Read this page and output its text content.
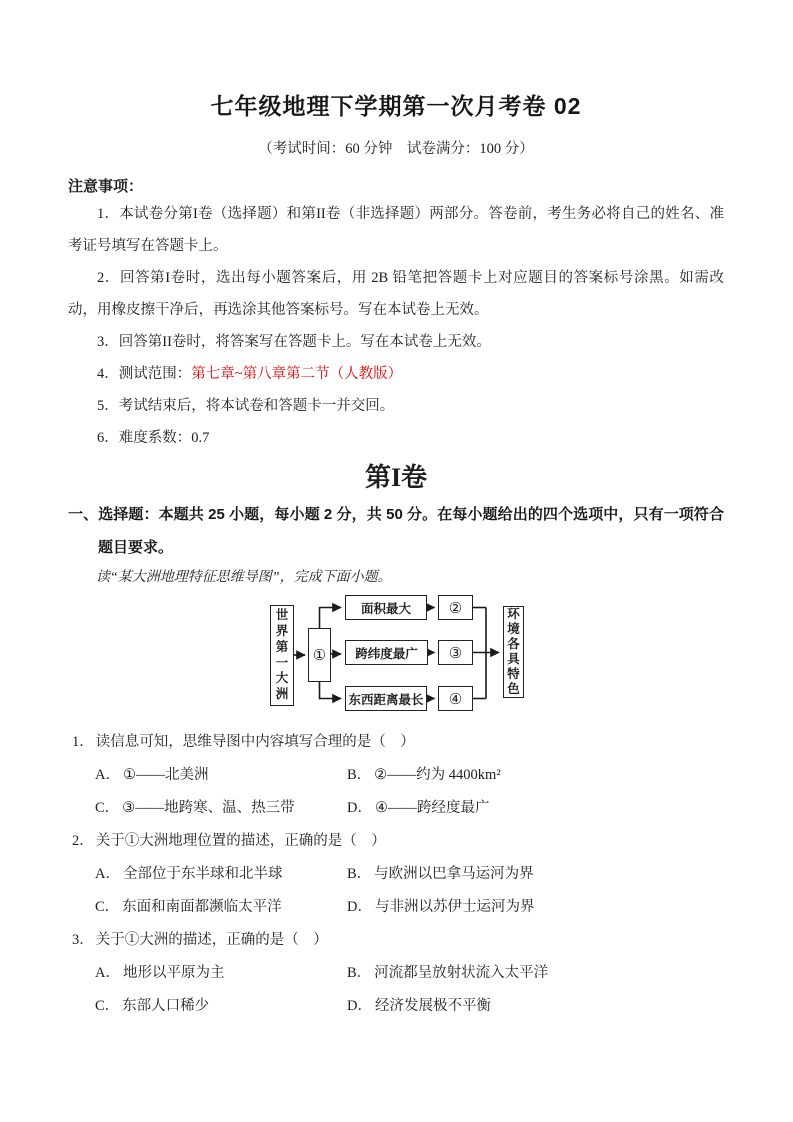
七年级地理下学期第一次月考卷 02
（考试时间：60 分钟　试卷满分：100 分）
注意事项：

1．本试卷分第I卷（选择题）和第II卷（非选择题）两部分。答卷前，考生务必将自己的姓名、准考证号填写在答题卡上。

2．回答第I卷时，选出每小题答案后，用 2B 铅笔把答题卡上对应题目的答案标号涂黑。如需改动，用橡皮擦干净后，再选涂其他答案标号。写在本试卷上无效。

3．回答第II卷时，将答案写在答题卡上。写在本试卷上无效。

4．测试范围：第七章~第八章第二节（人教版）

5．考试结束后，将本试卷和答题卡一并交回。

6．难度系数：0.7

第I卷

一、选择题：本题共 25 小题，每小题 2 分，共 50 分。在每小题给出的四个选项中，只有一项符合题目要求。

读“某大洲地理特征思维导图”，完成下面小题。

世界第一大洲
①
面积最大
跨纬度最广
东西距离最长
②
③
④
环境各具特色

1． 读信息可知，思维导图中内容填写合理的是（　）

A． ①——北美洲	B． ②——约为 4400km²
C． ③——地跨寒、温、热三带	D． ④——跨经度最广

2． 关于①大洲地理位置的描述，正确的是（　）

A． 全部位于东半球和北半球	B． 与欧洲以巴拿马运河为界
C． 东面和南面都濒临太平洋	D． 与非洲以苏伊士运河为界

3． 关于①大洲的描述，正确的是（　）

A． 地形以平原为主	B． 河流都呈放射状流入太平洋
C． 东部人口稀少	D． 经济发展极不平衡
